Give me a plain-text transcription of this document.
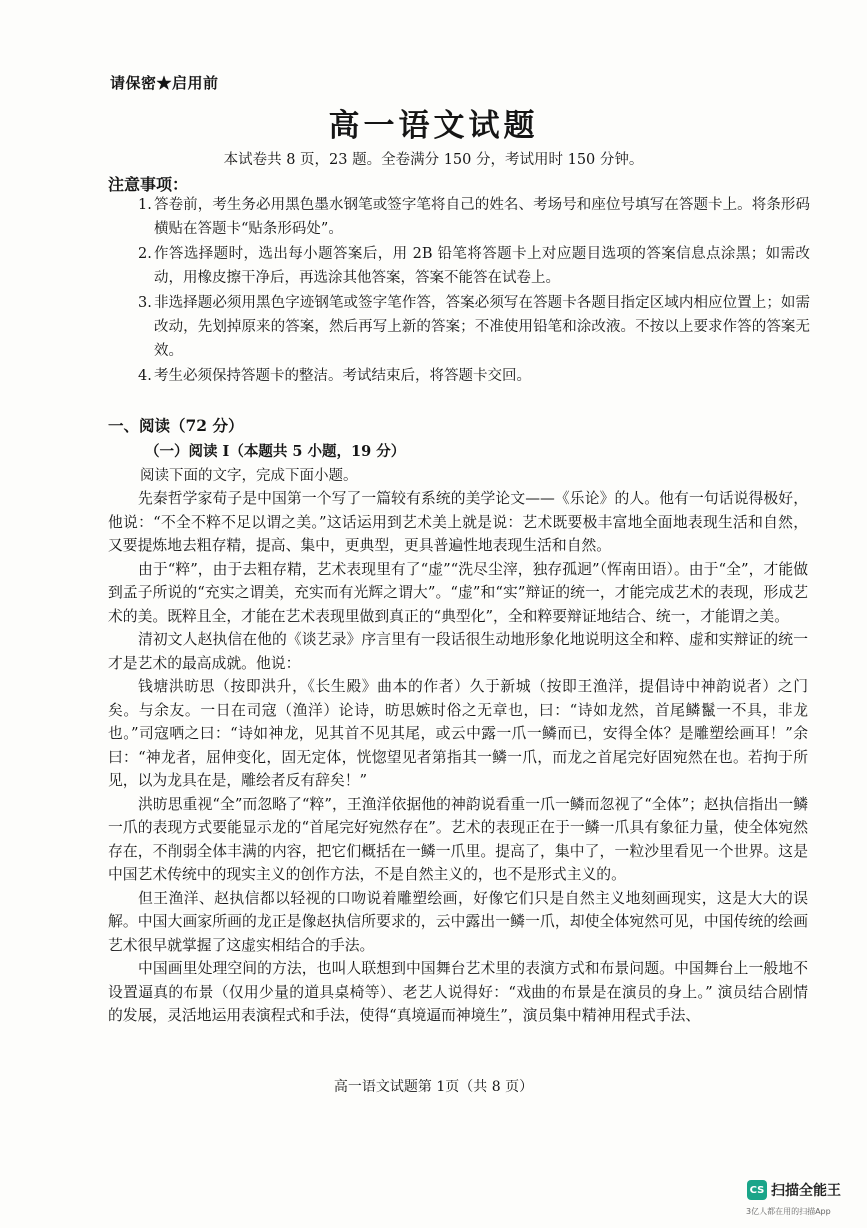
请保密★启用前
高一语文试题
本试卷共 8 页，23 题。全卷满分 150 分，考试用时 150 分钟。
注意事项：
1. 答卷前，考生务必用黑色墨水钢笔或签字笔将自己的姓名、考场号和座位号填写在答题卡上。将条形码横贴在答题卡“贴条形码处”。
2. 作答选择题时，选出每小题答案后，用 2B 铅笔将答题卡上对应题目选项的答案信息点涂黑；如需改动，用橡皮擦干净后，再选涂其他答案，答案不能答在试卷上。
3. 非选择题必须用黑色字迹钢笔或签字笔作答，答案必须写在答题卡各题目指定区域内相应位置上；如需改动，先划掉原来的答案，然后再写上新的答案；不准使用铅笔和涂改液。不按以上要求作答的答案无效。
4. 考生必须保持答题卡的整洁。考试结束后，将答题卡交回。
一、阅读（72 分）
（一）阅读 I（本题共 5 小题，19 分）
阅读下面的文字，完成下面小题。

先秦哲学家荀子是中国第一个写了一篇较有系统的美学论文——《乐论》的人。他有一句话说得极好，他说：“不全不粹不足以谓之美。”这话运用到艺术美上就是说：艺术既要极丰富地全面地表现生活和自然，又要提炼地去粗存精，提高、集中，更典型，更具普遍性地表现生活和自然。

由于“粹”，由于去粗存精，艺术表现里有了“虚”“洗尽尘滓，独存孤迥”（恽南田语）。由于“全”，才能做到孟子所说的“充实之谓美，充实而有光辉之谓大”。“虚”和“实”辩证的统一，才能完成艺术的表现，形成艺术的美。既粹且全，才能在艺术表现里做到真正的“典型化”，全和粹要辩证地结合、统一，才能谓之美。

清初文人赵执信在他的《谈艺录》序言里有一段话很生动地形象化地说明这全和粹、虚和实辩证的统一才是艺术的最高成就。他说：

钱塘洪昉思（按即洪升，《长生殿》曲本的作者）久于新城（按即王渔洋，提倡诗中神韵说者）之门矣。与余友。一日在司寇（渔洋）论诗，昉思嫉时俗之无章也，曰：“诗如龙然，首尾鳞鬣一不具，非龙也。”司寇哂之曰：“诗如神龙，见其首不见其尾，或云中露一爪一鳞而已，安得全体？是雕塑绘画耳！”余曰：“神龙者，屈伸变化，固无定体，恍惚望见者第指其一鳞一爪，而龙之首尾完好固宛然在也。若拘于所见，以为龙具在是，雕绘者反有辞矣！”

洪昉思重视“全”而忽略了“粹”，王渔洋依据他的神韵说看重一爪一鳞而忽视了“全体”；赵执信指出一鳞一爪的表现方式要能显示龙的“首尾完好宛然存在”。艺术的表现正在于一鳞一爪具有象征力量，使全体宛然存在，不削弱全体丰满的内容，把它们概括在一鳞一爪里。提高了，集中了，一粒沙里看见一个世界。这是中国艺术传统中的现实主义的创作方法，不是自然主义的，也不是形式主义的。

但王渔洋、赵执信都以轻视的口吻说着雕塑绘画，好像它们只是自然主义地刻画现实，这是大大的误解。中国大画家所画的龙正是像赵执信所要求的，云中露出一鳞一爪，却使全体宛然可见，中国传统的绘画艺术很早就掌握了这虚实相结合的手法。

中国画里处理空间的方法，也叫人联想到中国舞台艺术里的表演方式和布景问题。中国舞台上一般地不设置逼真的布景（仅用少量的道具桌椅等）、老艺人说得好：“戏曲的布景是在演员的身上。” 演员结合剧情的发展，灵活地运用表演程式和手法，使得“真境逼而神境生”，演员集中精神用程式手法、

高一语文试题第 1页（共 8 页）
CS 扫描全能王
3亿人都在用的扫描App
